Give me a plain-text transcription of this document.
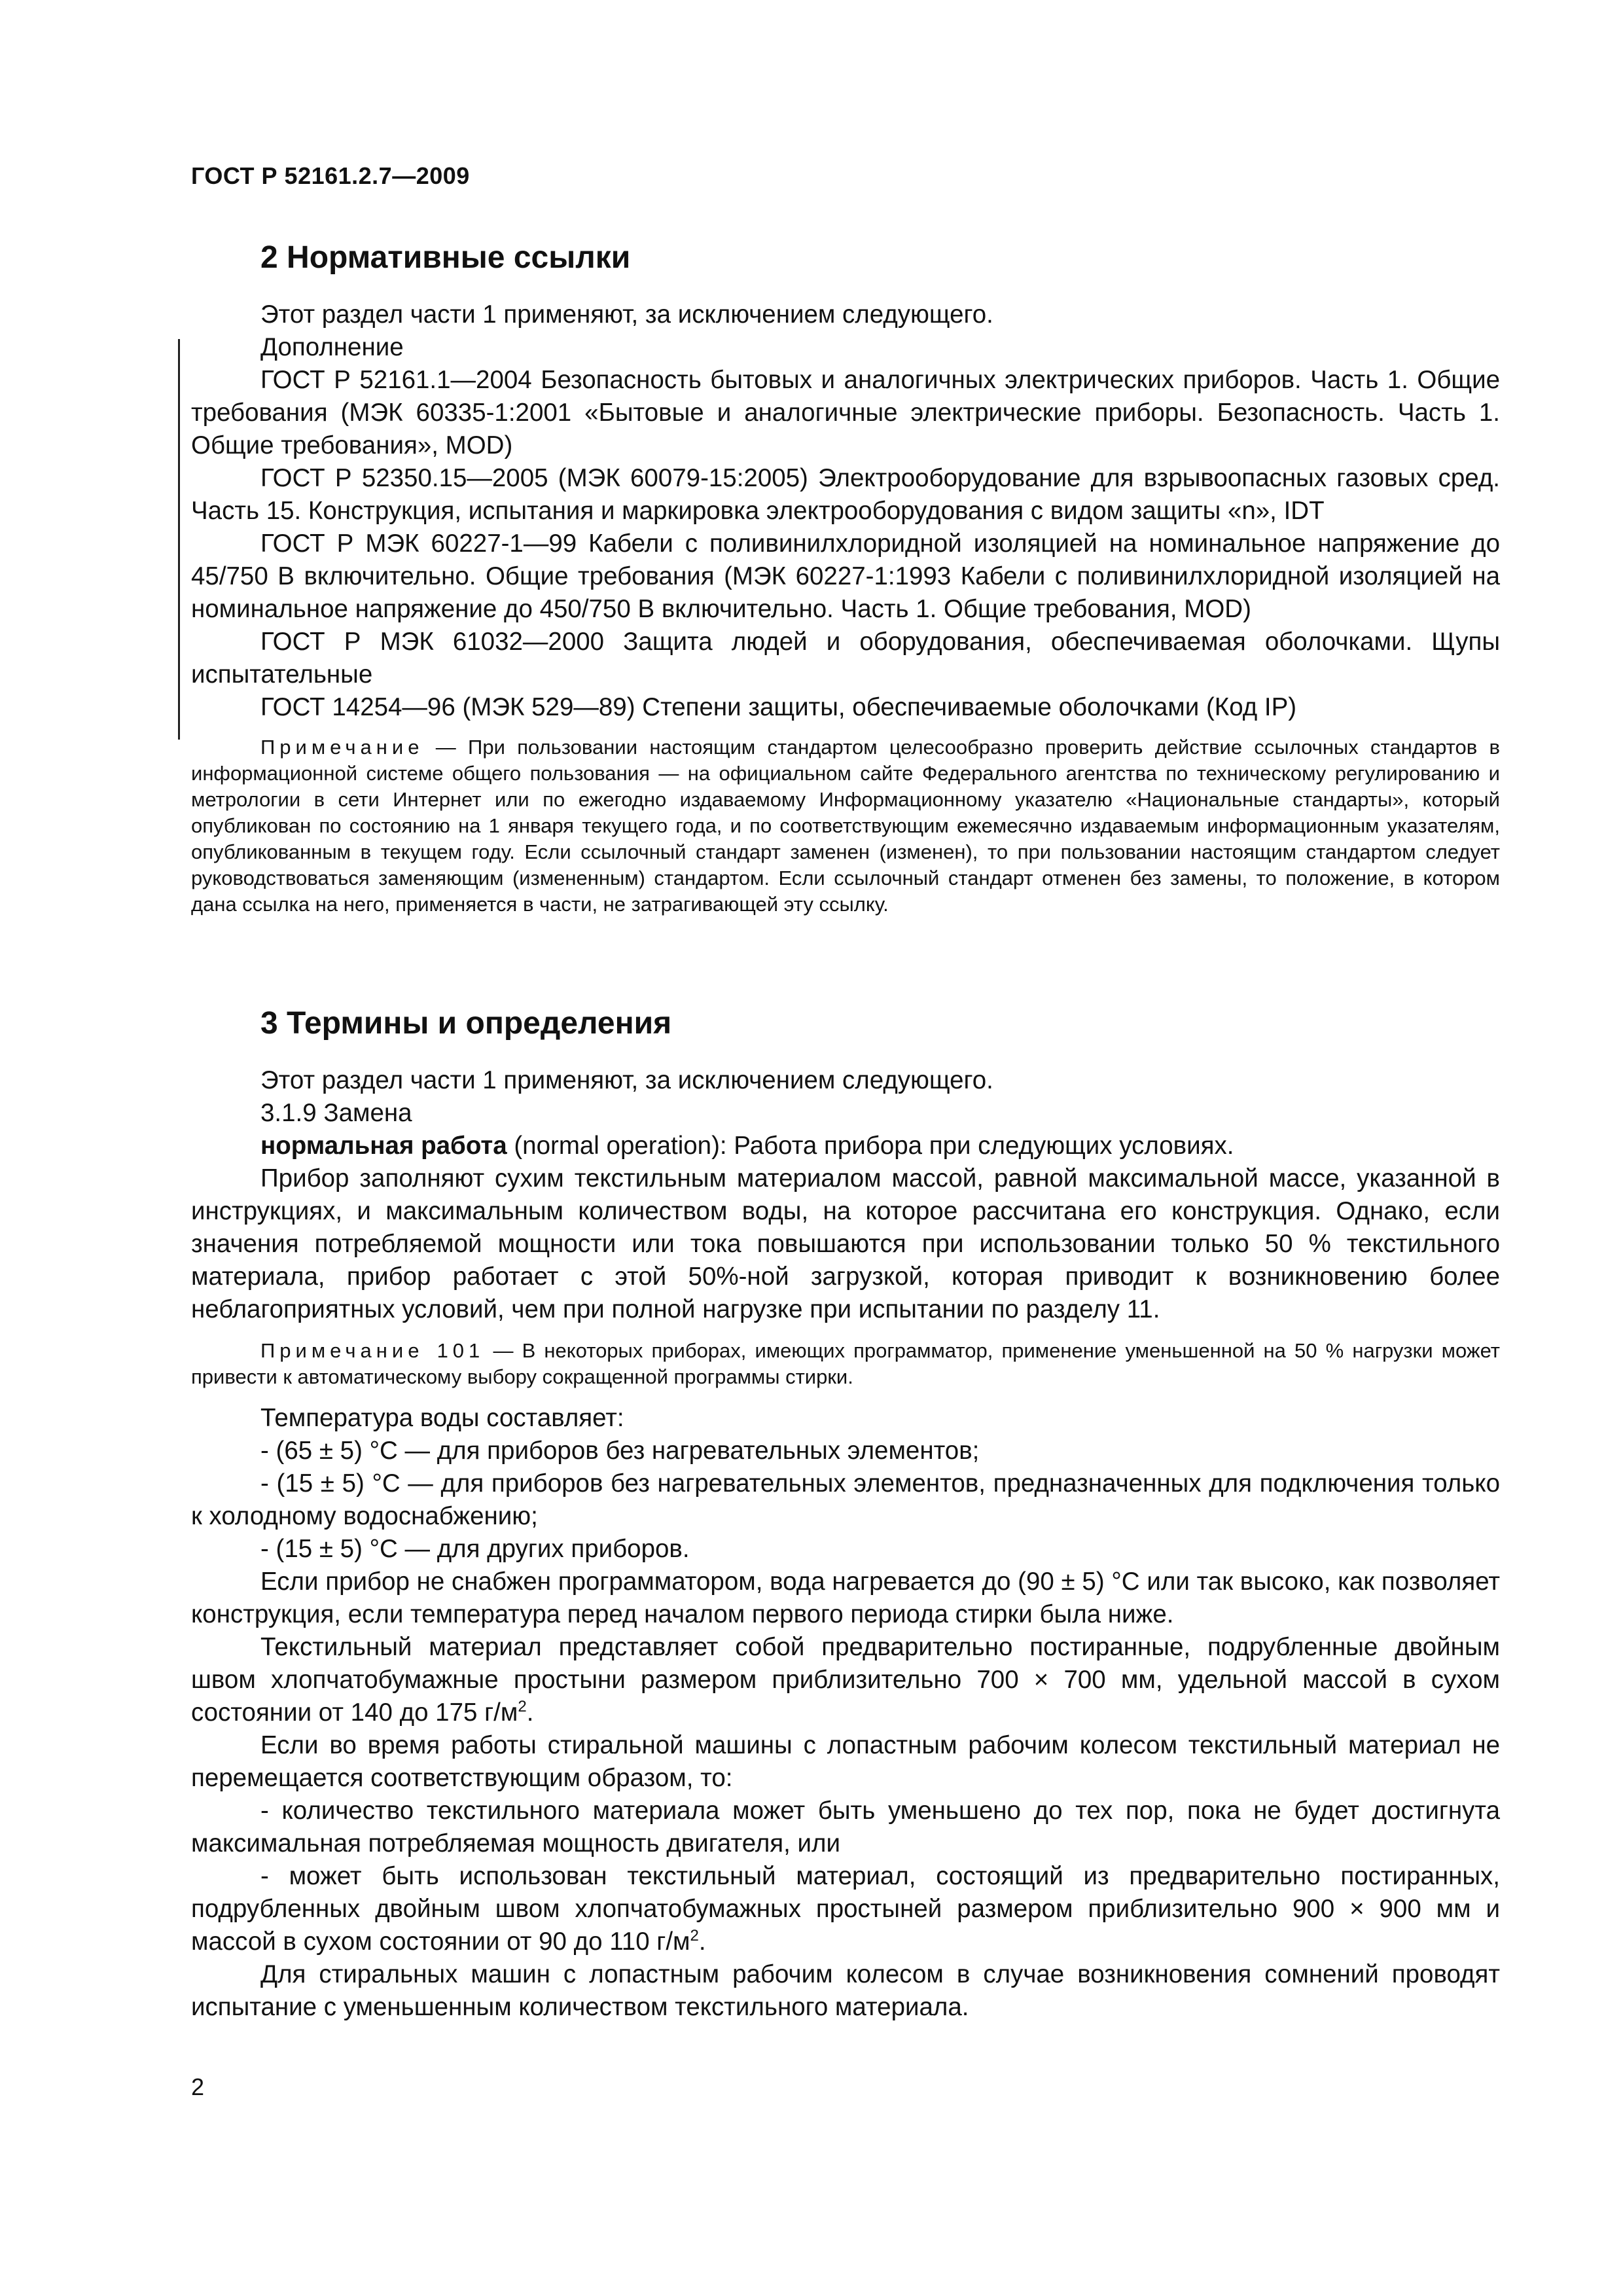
ГОСТ Р 52161.2.7—2009
2 Нормативные ссылки

Этот раздел части 1 применяют, за исключением следующего.

Дополнение

ГОСТ Р 52161.1—2004 Безопасность бытовых и аналогичных электрических приборов. Часть 1. Общие требования (МЭК 60335-1:2001 «Бытовые и аналогичные электрические приборы. Безопасность. Часть 1. Общие требования», MOD)

ГОСТ Р 52350.15—2005 (МЭК 60079-15:2005) Электрооборудование для взрывоопасных газовых сред. Часть 15. Конструкция, испытания и маркировка электрооборудования с видом защиты «n», IDT

ГОСТ Р МЭК 60227-1—99 Кабели с поливинилхлоридной изоляцией на номинальное напряжение до 45/750 В включительно. Общие требования (МЭК 60227-1:1993 Кабели с поливинилхлоридной изоляцией на номинальное напряжение до 450/750 В включительно. Часть 1. Общие требования, MOD)

ГОСТ Р МЭК 61032—2000 Защита людей и оборудования, обеспечиваемая оболочками. Щупы испытательные

ГОСТ 14254—96 (МЭК 529—89) Степени защиты, обеспечиваемые оболочками (Код IP)

Примечание — При пользовании настоящим стандартом целесообразно проверить действие ссылочных стандартов в информационной системе общего пользования — на официальном сайте Федерального агентства по техническому регулированию и метрологии в сети Интернет или по ежегодно издаваемому Информационному указателю «Национальные стандарты», который опубликован по состоянию на 1 января текущего года, и по соответствующим ежемесячно издаваемым информационным указателям, опубликованным в текущем году. Если ссылочный стандарт заменен (изменен), то при пользовании настоящим стандартом следует руководствоваться заменяющим (измененным) стандартом. Если ссылочный стандарт отменен без замены, то положение, в котором дана ссылка на него, применяется в части, не затрагивающей эту ссылку.

3 Термины и определения

Этот раздел части 1 применяют, за исключением следующего.

3.1.9 Замена

нормальная работа (normal operation): Работа прибора при следующих условиях.

Прибор заполняют сухим текстильным материалом массой, равной максимальной массе, указанной в инструкциях, и максимальным количеством воды, на которое рассчитана его конструкция. Однако, если значения потребляемой мощности или тока повышаются при использовании только 50 % текстильного материала, прибор работает с этой 50%-ной загрузкой, которая приводит к возникновению более неблагоприятных условий, чем при полной нагрузке при испытании по разделу 11.

Примечание 101 — В некоторых приборах, имеющих программатор, применение уменьшенной на 50 % нагрузки может привести к автоматическому выбору сокращенной программы стирки.

Температура воды составляет:

- (65 ± 5) °С — для приборов без нагревательных элементов;

- (15 ± 5) °С — для приборов без нагревательных элементов, предназначенных для подключения только к холодному водоснабжению;

- (15 ± 5) °С — для других приборов.

Если прибор не снабжен программатором, вода нагревается до (90 ± 5) °С или так высоко, как позволяет конструкция, если температура перед началом первого периода стирки была ниже.

Текстильный материал представляет собой предварительно постиранные, подрубленные двойным швом хлопчатобумажные простыни размером приблизительно 700 × 700 мм, удельной массой в сухом состоянии от 140 до 175 $г/м^2$.

Если во время работы стиральной машины с лопастным рабочим колесом текстильный материал не перемещается соответствующим образом, то:

- количество текстильного материала может быть уменьшено до тех пор, пока не будет достигнута максимальная потребляемая мощность двигателя, или

- может быть использован текстильный материал, состоящий из предварительно постиранных, подрубленных двойным швом хлопчатобумажных простыней размером приблизительно 900 × 900 мм и массой в сухом состоянии от 90 до 110 $г/м^2$.

Для стиральных машин с лопастным рабочим колесом в случае возникновения сомнений проводят испытание с уменьшенным количеством текстильного материала.

2
